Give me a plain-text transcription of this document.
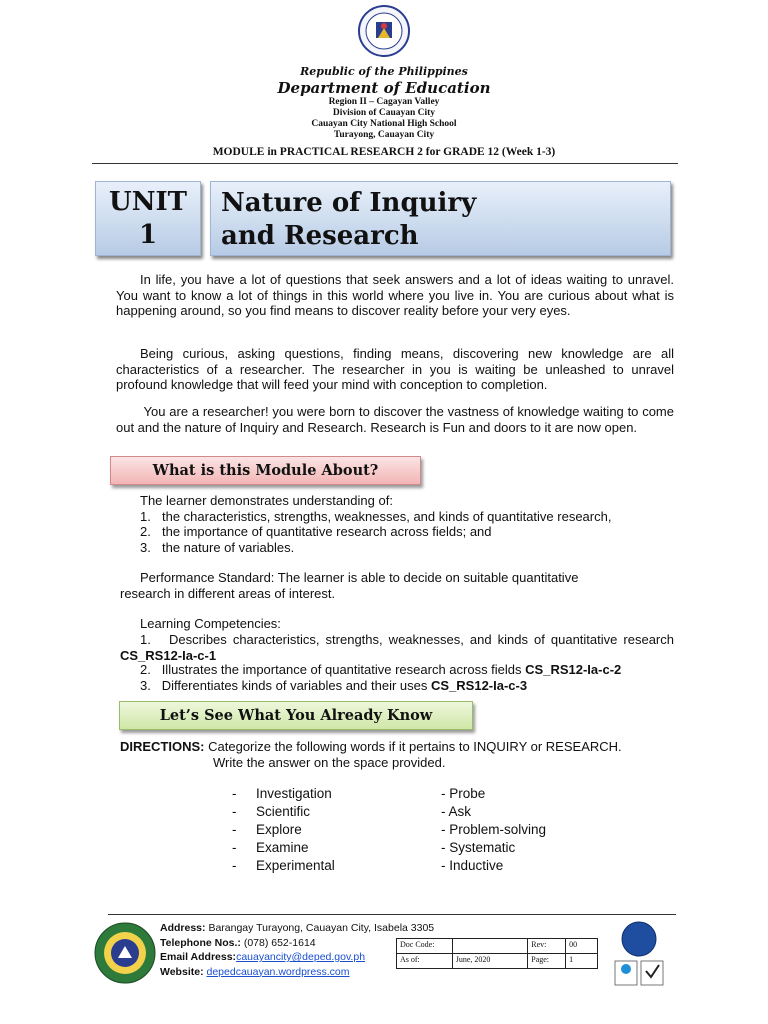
Republic of the Philippines
Department of Education
Region II – Cagayan Valley
Division of Cauayan City
Cauayan City National High School
Turayong, Cauayan City
MODULE in PRACTICAL RESEARCH 2 for GRADE 12 (Week 1-3)
UNIT
1
Nature of Inquiry
and Research

In life, you have a lot of questions that seek answers and a lot of ideas waiting to unravel. You want to know a lot of things in this world where you live in. You are curious about what is happening around, so you find means to discover reality before your very eyes.

Being curious, asking questions, finding means, discovering new knowledge are all characteristics of a researcher. The researcher in you is waiting be unleashed to unravel profound knowledge that will feed your mind with conception to completion.

You are a researcher! you were born to discover the vastness of knowledge waiting to come out and the nature of Inquiry and Research. Research is Fun and doors to it are now open.

What is this Module About?
The learner demonstrates understanding of:
1. the characteristics, strengths, weaknesses, and kinds of quantitative research,
2. the importance of quantitative research across fields; and
3. the nature of variables.
Performance Standard: The learner is able to decide on suitable quantitative
research in different areas of interest.
Learning Competencies:
1. Describes characteristics, strengths, weaknesses, and kinds of quantitative research CS_RS12-Ia-c-1
2. Illustrates the importance of quantitative research across fields CS_RS12-Ia-c-2
3. Differentiates kinds of variables and their uses CS_RS12-Ia-c-3
Let’s See What You Already Know
DIRECTIONS: Categorize the following words if it pertains to INQUIRY or RESEARCH.
Write the answer on the space provided.
- Investigation
- Scientific
- Explore
- Examine
- Experimental
- Probe
- Ask
- Problem-solving
- Systematic
- Inductive
Address: Barangay Turayong, Cauayan City, Isabela 3305
Telephone Nos.: (078) 652-1614
Email Address:cauayancity@deped.gov.ph
Website: depedcauayan.wordpress.com
Doc Code:		Rev:	00
As of:	June, 2020	Page:	1
